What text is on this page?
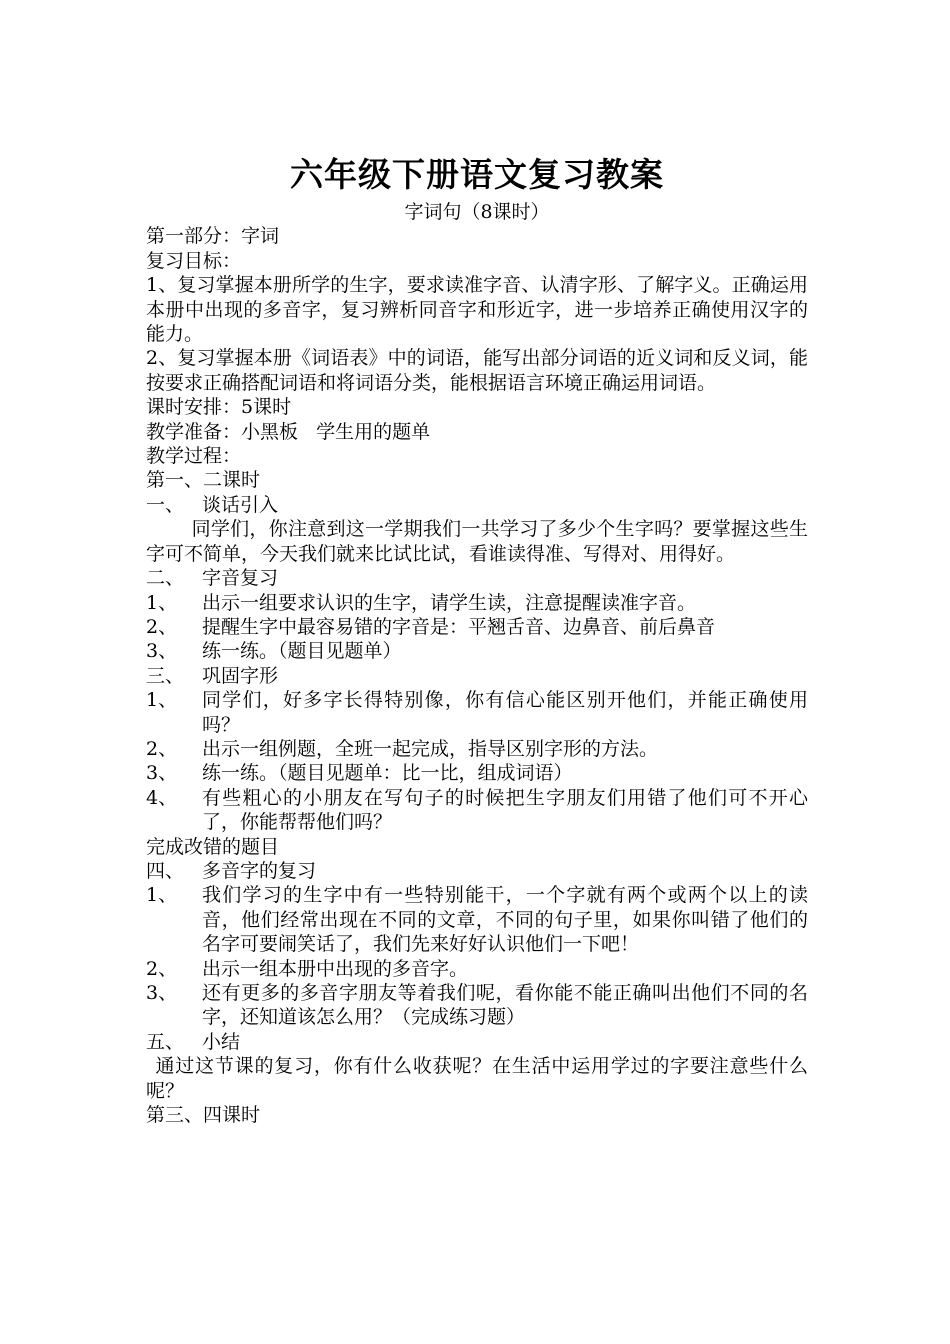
六年级下册语文复习教案

字词句（8课时）

第一部分：字词

复习目标：

1、复习掌握本册所学的生字，要求读准字音、认清字形、了解字义。正确运用本册中出现的多音字，复习辨析同音字和形近字，进一步培养正确使用汉字的能力。

2、复习掌握本册《词语表》中的词语，能写出部分词语的近义词和反义词，能按要求正确搭配词语和将词语分类，能根据语言环境正确运用词语。

课时安排：5课时

教学准备：小黑板   学生用的题单

教学过程：

第一、二课时

一、 谈话引入

同学们，你注意到这一学期我们一共学习了多少个生字吗？要掌握这些生字可不简单，今天我们就来比试比试，看谁读得准、写得对、用得好。

二、 字音复习
1、	出示一组要求认识的生字，请学生读，注意提醒读准字音。
2、	提醒生字中最容易错的字音是：平翘舌音、边鼻音、前后鼻音
3、	练一练。（题目见题单）
三、 巩固字形
1、	同学们，好多字长得特别像，你有信心能区别开他们，并能正确使用吗？
2、	出示一组例题，全班一起完成，指导区别字形的方法。
3、	练一练。（题目见题单：比一比，组成词语）
4、	有些粗心的小朋友在写句子的时候把生字朋友们用错了他们可不开心了，你能帮帮他们吗？

完成改错的题目

四、 多音字的复习
1、	我们学习的生字中有一些特别能干，一个字就有两个或两个以上的读音，他们经常出现在不同的文章，不同的句子里，如果你叫错了他们的名字可要闹笑话了，我们先来好好认识他们一下吧！
2、	出示一组本册中出现的多音字。
3、	还有更多的多音字朋友等着我们呢，看你能不能正确叫出他们不同的名字，还知道该怎么用？（完成练习题）
五、 小结

通过这节课的复习，你有什么收获呢？在生活中运用学过的字要注意些什么呢？

第三、四课时
